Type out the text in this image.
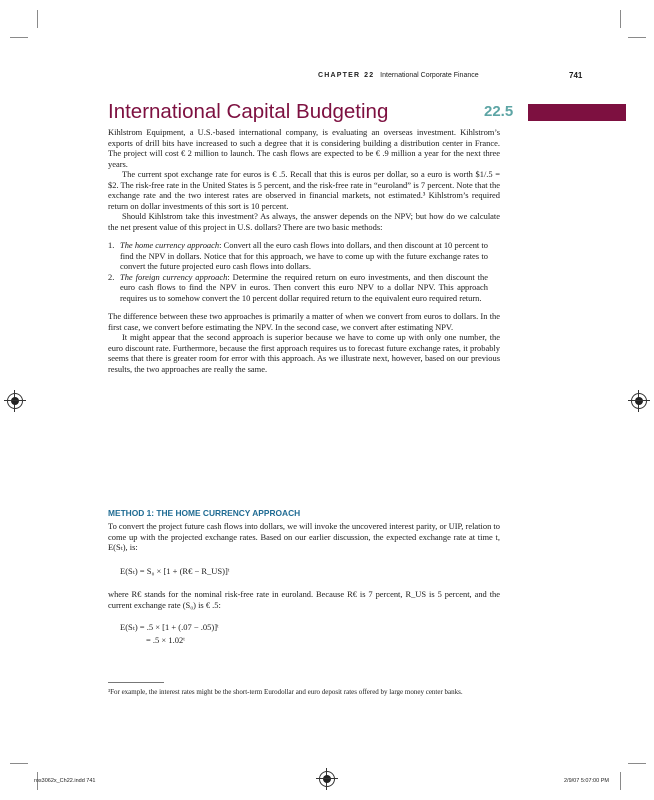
CHAPTER 22 International Corporate Finance	741
International Capital Budgeting	22.5

Kihlstrom Equipment, a U.S.-based international company, is evaluating an overseas investment. Kihlstrom’s exports of drill bits have increased to such a degree that it is considering building a distribution center in France. The project will cost € 2 million to launch. The cash flows are expected to be € .9 million a year for the next three years.

The current spot exchange rate for euros is € .5. Recall that this is euros per dollar, so a euro is worth $1/.5 = $2. The risk-free rate in the United States is 5 percent, and the risk-free rate in “euroland” is 7 percent. Note that the exchange rate and the two interest rates are observed in financial markets, not estimated.³ Kihlstrom’s required return on dollar investments of this sort is 10 percent.

Should Kihlstrom take this investment? As always, the answer depends on the NPV; but how do we calculate the net present value of this project in U.S. dollars? There are two basic methods:

1. The home currency approach: Convert all the euro cash flows into dollars, and then discount at 10 percent to find the NPV in dollars. Notice that for this approach, we have to come up with the future exchange rates to convert the future projected euro cash flows into dollars.
2. The foreign currency approach: Determine the required return on euro investments, and then discount the euro cash flows to find the NPV in euros. Then convert this euro NPV to a dollar NPV. This approach requires us to somehow convert the 10 percent dollar required return to the equivalent euro required return.

The difference between these two approaches is primarily a matter of when we convert from euros to dollars. In the first case, we convert before estimating the NPV. In the second case, we convert after estimating NPV.

It might appear that the second approach is superior because we have to come up with only one number, the euro discount rate. Furthermore, because the first approach requires us to forecast future exchange rates, it probably seems that there is greater room for error with this approach. As we illustrate next, however, based on our previous results, the two approaches are really the same.

METHOD 1: THE HOME CURRENCY APPROACH

To convert the project future cash flows into dollars, we will invoke the uncovered interest parity, or UIP, relation to come up with the projected exchange rates. Based on our earlier discussion, the expected exchange rate at time t, E(Sₜ), is:

E(Sₜ) = S₀ × [1 + (R€ − R_US)]ᵗ

where R€ stands for the nominal risk-free rate in euroland. Because R€ is 7 percent, R_US is 5 percent, and the current exchange rate (S₀) is € .5:

E(Sₜ) = .5 × [1 + (.07 − .05)]ᵗ
= .5 × 1.02ᵗ
³For example, the interest rates might be the short-term Eurodollar and euro deposit rates offered by large money center banks.
ros3062x_Ch22.indd 741	2/9/07 5:07:00 PM
